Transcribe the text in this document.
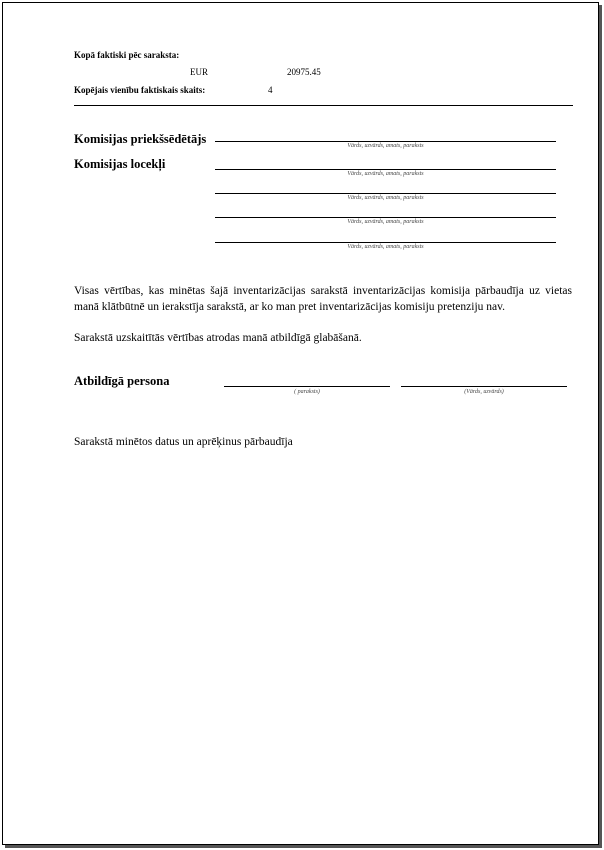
Kopā faktiski pēc saraksta:
EUR	20975.45
Kopējais vienību faktiskais skaits:	4
Komisijas priekšsēdētājs	Vārds, uzvārds, amats, paraksts
Komisijas locekļi
Vārds, uzvārds, amats, paraksts
Vārds, uzvārds, amats, paraksts
Vārds, uzvārds, amats, paraksts
Vārds, uzvārds, amats, paraksts
Visas vērtības, kas minētas šajā inventarizācijas sarakstā inventarizācijas komisija pārbaudīja uz vietas manā klātbūtnē un ierakstīja sarakstā, ar ko man pret inventarizācijas komisiju pretenziju nav.
Sarakstā uzskaitītās vērtības atrodas manā atbildīgā glabāšanā.
Atbildīgā persona
( paraksts)	(Vārds, uzvārds)
Sarakstā minētos datus un aprēķinus pārbaudīja
